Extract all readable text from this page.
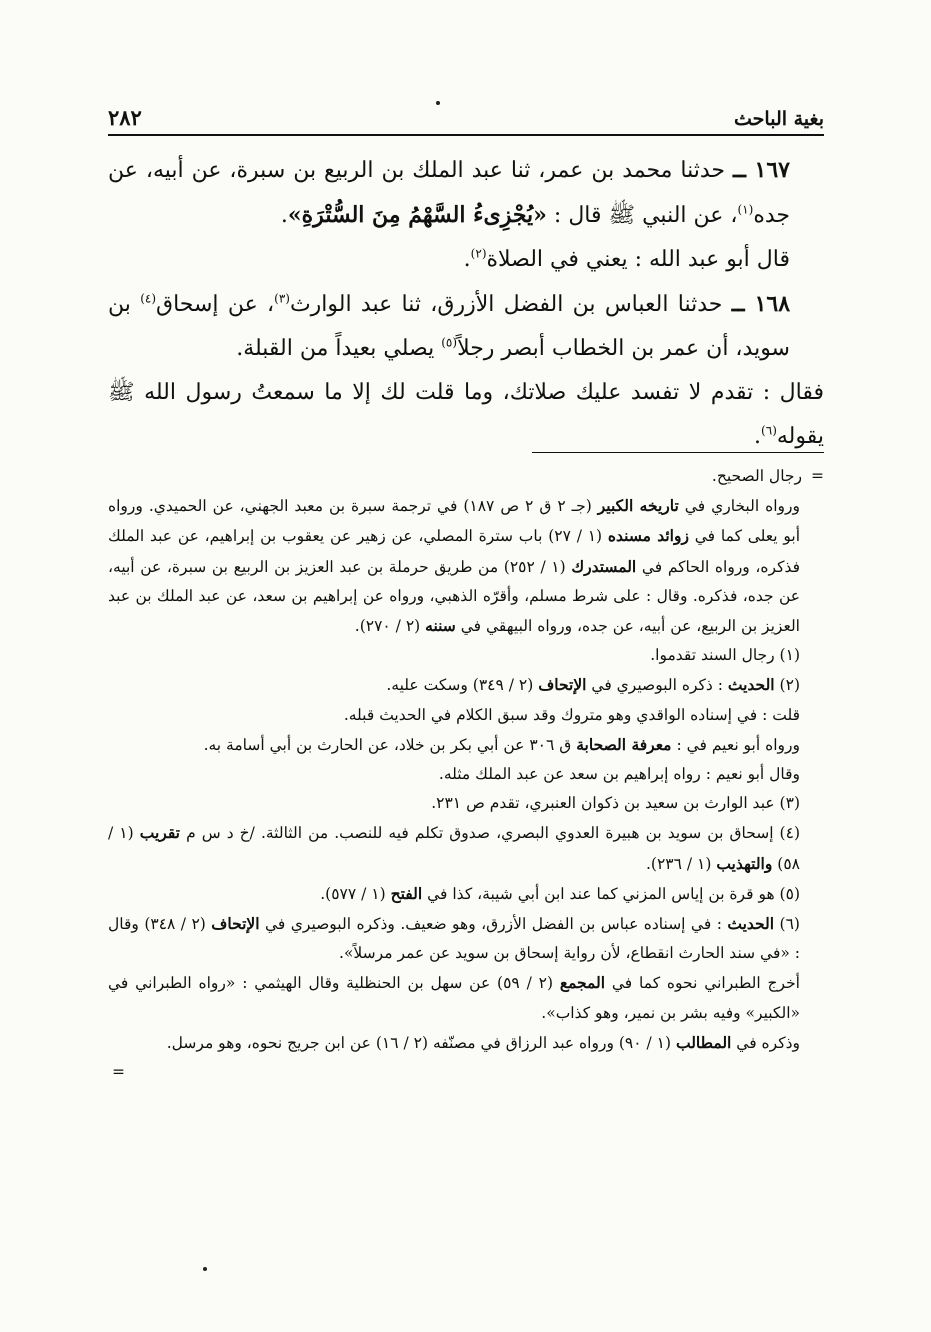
بغية الباحث
٢٨٢

١٦٧ ــ حدثنا محمد بن عمر، ثنا عبد الملك بن الربيع بن سبرة، عن أبيه، عن جده$^{(١)}$، عن النبي ﷺ قال : «يُجْزِىءُ السَّهْمُ مِنَ السُّتْرَةِ».

قال أبو عبد الله : يعني في الصلاة$^{(٢)}$.

١٦٨ ــ حدثنا العباس بن الفضل الأزرق، ثنا عبد الوارث$^{(٣)}$، عن إسحاق$^{(٤)}$ بن سويد، أن عمر بن الخطاب أبصر رجلاً$^{(٥)}$ يصلي بعيداً من القبلة.

فقال : تقدم لا تفسد عليك صلاتك، وما قلت لك إلا ما سمعتُ رسول الله ﷺ يقوله$^{(٦)}$.

=رجال الصحيح.

ورواه البخاري في تاريخه الكبير (جـ ٢ ق ٢ ص ١٨٧) في ترجمة سبرة بن معبد الجهني، عن الحميدي. ورواه أبو يعلى كما في زوائد مسنده (١ / ٢٧) باب سترة المصلي، عن زهير عن يعقوب بن إبراهيم، عن عبد الملك فذكره، ورواه الحاكم في المستدرك (١ / ٢٥٢) من طريق حرملة بن عبد العزيز بن الربيع بن سبرة، عن أبيه، عن جده، فذكره. وقال : على شرط مسلم، وأقرّه الذهبي، ورواه عن إبراهيم بن سعد، عن عبد الملك بن عبد العزيز بن الربيع، عن أبيه، عن جده، ورواه البيهقي في سننه (٢ / ٢٧٠).

(١) رجال السند تقدموا.

(٢) الحديث : ذكره البوصيري في الإتحاف (٢ / ٣٤٩) وسكت عليه.

قلت : في إسناده الواقدي وهو متروك وقد سبق الكلام في الحديث قبله.

ورواه أبو نعيم في : معرفة الصحابة ق ٣٠٦ عن أبي بكر بن خلاد، عن الحارث بن أبي أسامة به.

وقال أبو نعيم : رواه إبراهيم بن سعد عن عبد الملك مثله.

(٣) عبد الوارث بن سعيد بن ذكوان العنبري، تقدم ص ٢٣١.

(٤) إسحاق بن سويد بن هبيرة العدوي البصري، صدوق تكلم فيه للنصب. من الثالثة. /خ د س م تقريب (١ / ٥٨) والتهذيب (١ / ٢٣٦).

(٥) هو قرة بن إياس المزني كما عند ابن أبي شيبة، كذا في الفتح (١ / ٥٧٧).

(٦) الحديث : في إسناده عباس بن الفضل الأزرق، وهو ضعيف. وذكره البوصيري في الإتحاف (٢ / ٣٤٨) وقال : «في سند الحارث انقطاع، لأن رواية إسحاق بن سويد عن عمر مرسلاً».

أخرج الطبراني نحوه كما في المجمع (٢ / ٥٩) عن سهل بن الحنظلية وقال الهيثمي : «رواه الطبراني في «الكبير» وفيه بشر بن نمير، وهو كذاب».

وذكره في المطالب (١ / ٩٠) ورواه عبد الرزاق في مصنّفه (٢ / ١٦) عن ابن جريج نحوه، وهو مرسل.

=
